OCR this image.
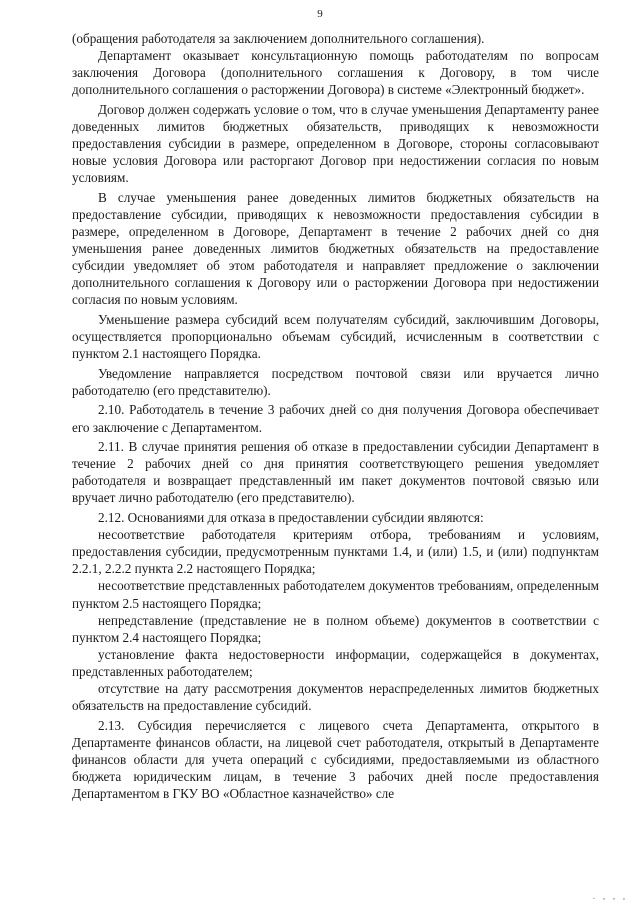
9

(обращения работодателя за заключением дополнительного соглашения).

Департамент оказывает консультационную помощь работодателям по вопросам заключения Договора (дополнительного соглашения к Договору, в том числе дополнительного соглашения о расторжении Договора) в системе «Электронный бюджет».

Договор должен содержать условие о том, что в случае уменьшения Департаменту ранее доведенных лимитов бюджетных обязательств, приводящих к невозможности предоставления субсидии в размере, определенном в Договоре, стороны согласовывают новые условия Договора или расторгают Договор при недостижении согласия по новым условиям.

В случае уменьшения ранее доведенных лимитов бюджетных обязательств на предоставление субсидии, приводящих к невозможности предоставления субсидии в размере, определенном в Договоре, Департамент в течение 2 рабочих дней со дня уменьшения ранее доведенных лимитов бюджетных обязательств на предоставление субсидии уведомляет об этом работодателя и направляет предложение о заключении дополнительного соглашения к Договору или о расторжении Договора при недостижении согласия по новым условиям.

Уменьшение размера субсидий всем получателям субсидий, заключившим Договоры, осуществляется пропорционально объемам субсидий, исчисленным в соответствии с пунктом 2.1 настоящего Порядка.

Уведомление направляется посредством почтовой связи или вручается лично работодателю (его представителю).

2.10. Работодатель в течение 3 рабочих дней со дня получения Договора обеспечивает его заключение с Департаментом.

2.11. В случае принятия решения об отказе в предоставлении субсидии Департамент в течение 2 рабочих дней со дня принятия соответствующего решения уведомляет работодателя и возвращает представленный им пакет документов почтовой связью или вручает лично работодателю (его представителю).

2.12. Основаниями для отказа в предоставлении субсидии являются:

несоответствие работодателя критериям отбора, требованиям и условиям, предоставления субсидии, предусмотренным пунктами 1.4, и (или) 1.5, и (или) подпунктам 2.2.1, 2.2.2 пункта 2.2 настоящего Порядка;

несоответствие представленных работодателем документов требованиям, определенным пунктом 2.5 настоящего Порядка;

непредставление (представление не в полном объеме) документов в соответствии с пунктом 2.4 настоящего Порядка;

установление факта недостоверности информации, содержащейся в документах, представленных работодателем;

отсутствие на дату рассмотрения документов нераспределенных лимитов бюджетных обязательств на предоставление субсидий.

2.13. Субсидия перечисляется с лицевого счета Департамента, открытого в Департаменте финансов области, на лицевой счет работодателя, открытый в Департаменте финансов области для учета операций с субсидиями, предоставляемыми из областного бюджета юридическим лицам, в течение 3 рабочих дней после предоставления Департаментом в ГКУ ВО «Областное казначейство» сле

. , , ,
